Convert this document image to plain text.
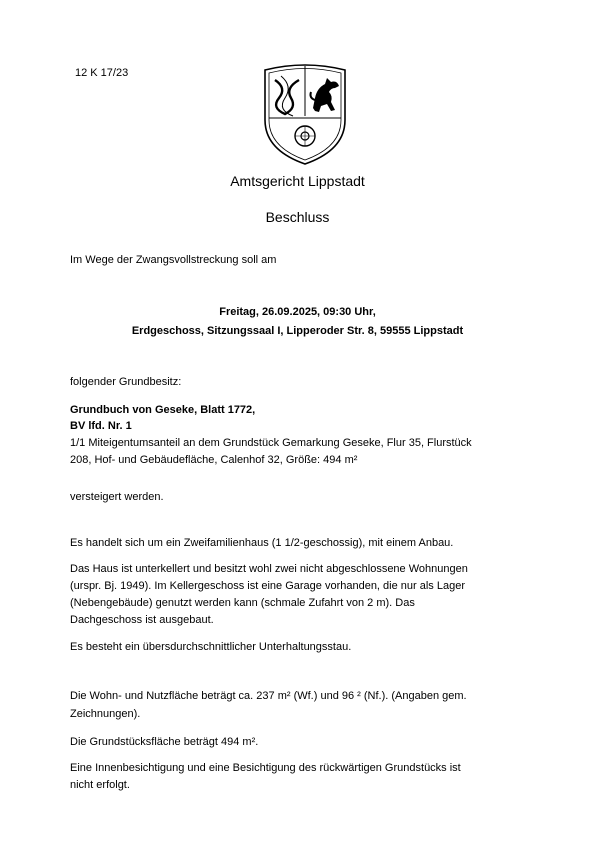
12 K 17/23
Amtsgericht Lippstadt
Beschluss
Im Wege der Zwangsvollstreckung soll am
Freitag, 26.09.2025, 09:30 Uhr,
Erdgeschoss, Sitzungssaal I, Lipperoder Str. 8, 59555 Lippstadt
folgender Grundbesitz:
Grundbuch von Geseke, Blatt 1772,
BV lfd. Nr. 1
1/1 Miteigentumsanteil an dem Grundstück Gemarkung Geseke, Flur 35, Flurstück
208, Hof- und Gebäudefläche, Calenhof 32, Größe: 494 m²
versteigert werden.
Es handelt sich um ein Zweifamilienhaus (1 1/2-geschossig), mit einem Anbau.
Das Haus ist unterkellert und besitzt wohl zwei nicht abgeschlossene Wohnungen
(urspr. Bj. 1949). Im Kellergeschoss ist eine Garage vorhanden, die nur als Lager
(Nebengebäude) genutzt werden kann (schmale Zufahrt von 2 m). Das
Dachgeschoss ist ausgebaut.
Es besteht ein übersdurchschnittlicher Unterhaltungsstau.
Die Wohn- und Nutzfläche beträgt ca. 237 m² (Wf.) und 96 ² (Nf.). (Angaben gem.
Zeichnungen).
Die Grundstücksfläche beträgt 494 m².
Eine Innenbesichtigung und eine Besichtigung des rückwärtigen Grundstücks ist
nicht erfolgt.
